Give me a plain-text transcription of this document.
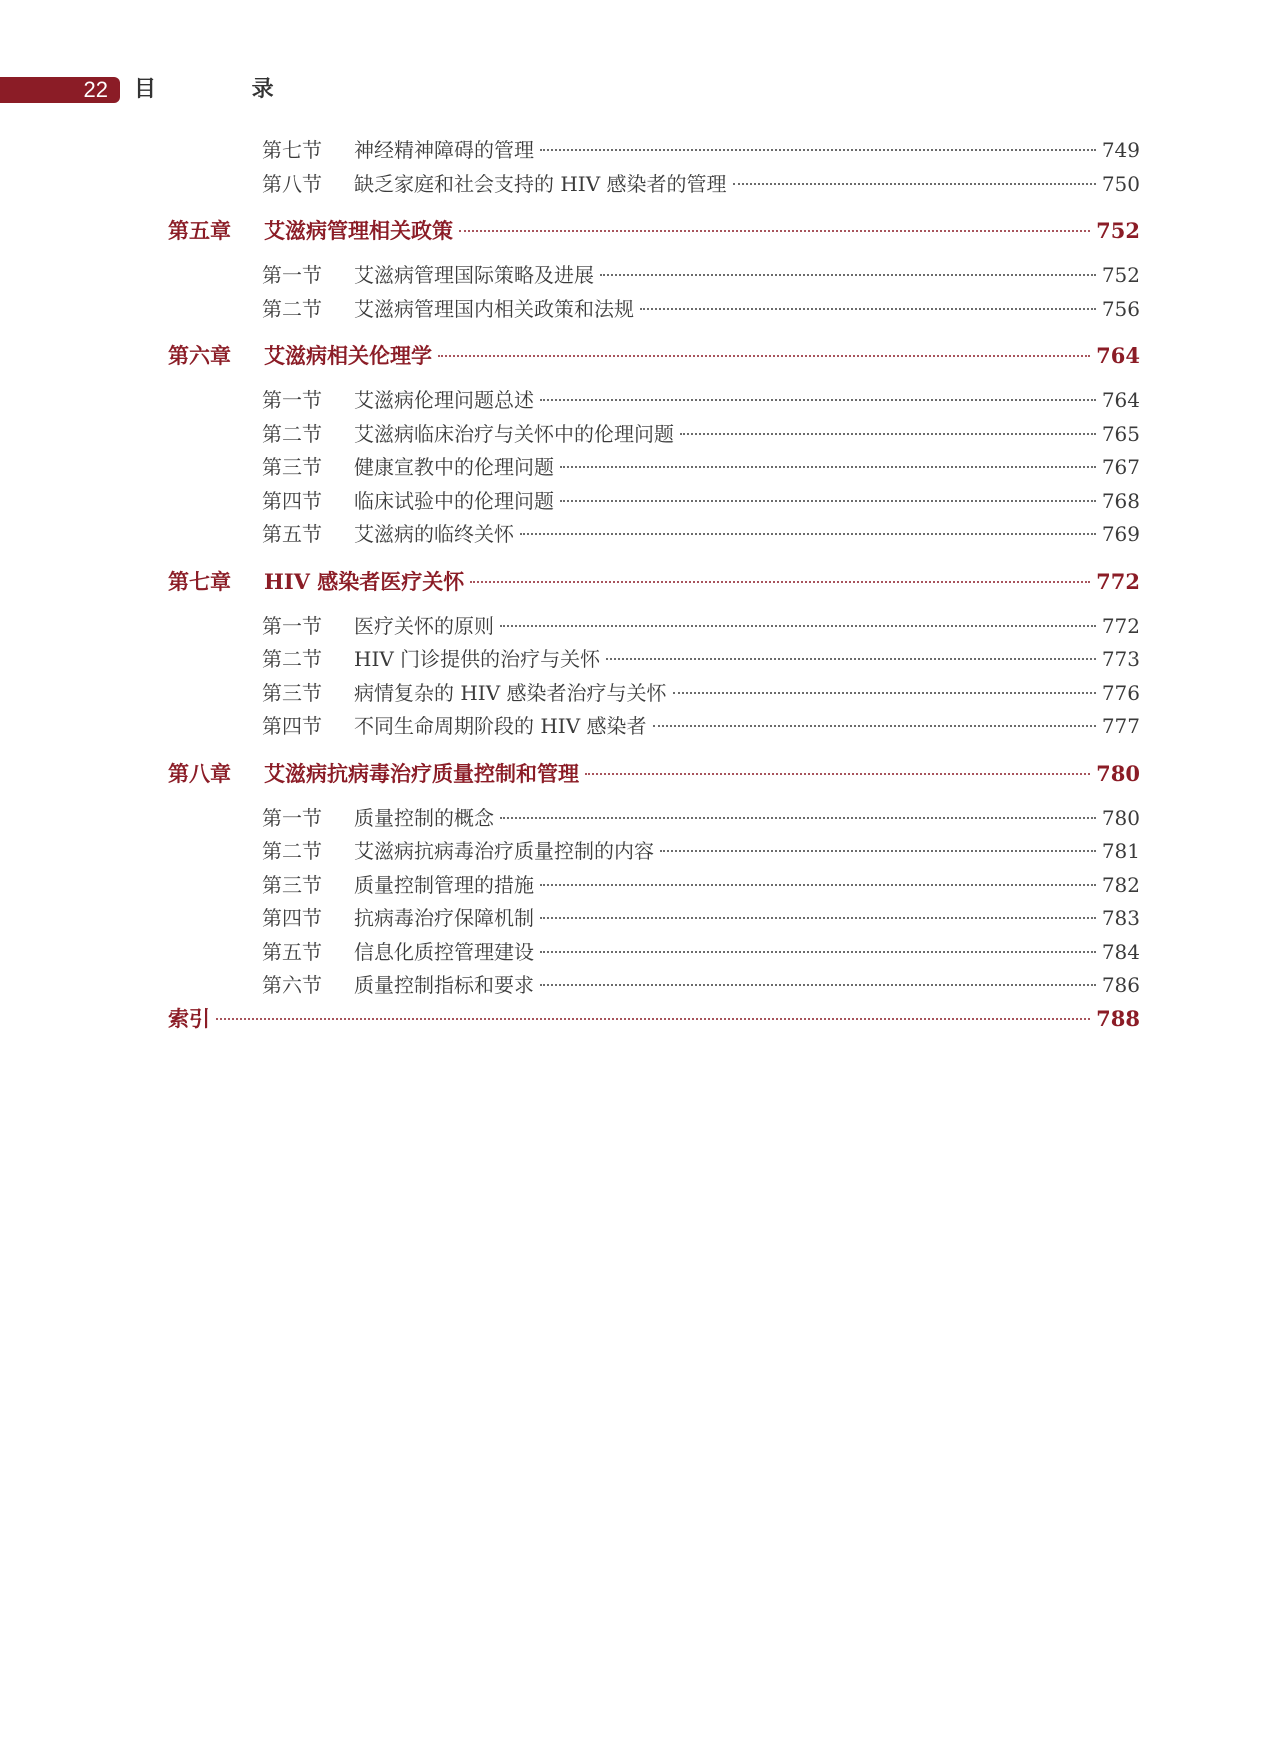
22 目 录
第七节	神经精神障碍的管理	749
第八节	缺乏家庭和社会支持的 HIV 感染者的管理	750
第五章	艾滋病管理相关政策	752
第一节	艾滋病管理国际策略及进展	752
第二节	艾滋病管理国内相关政策和法规	756
第六章	艾滋病相关伦理学	764
第一节	艾滋病伦理问题总述	764
第二节	艾滋病临床治疗与关怀中的伦理问题	765
第三节	健康宣教中的伦理问题	767
第四节	临床试验中的伦理问题	768
第五节	艾滋病的临终关怀	769
第七章	HIV 感染者医疗关怀	772
第一节	医疗关怀的原则	772
第二节	HIV 门诊提供的治疗与关怀	773
第三节	病情复杂的 HIV 感染者治疗与关怀	776
第四节	不同生命周期阶段的 HIV 感染者	777
第八章	艾滋病抗病毒治疗质量控制和管理	780
第一节	质量控制的概念	780
第二节	艾滋病抗病毒治疗质量控制的内容	781
第三节	质量控制管理的措施	782
第四节	抗病毒治疗保障机制	783
第五节	信息化质控管理建设	784
第六节	质量控制指标和要求	786
索引	788
